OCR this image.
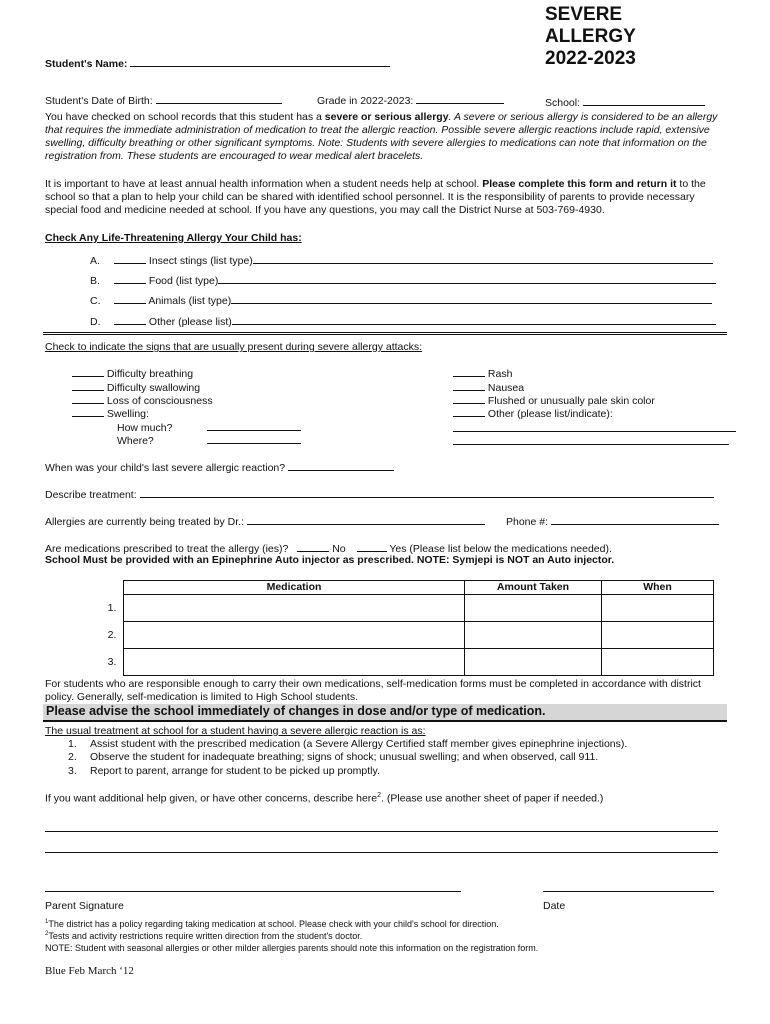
SEVERE
ALLERGY
2022-2023
Student's Name:
Student's Date of Birth:	Grade in 2022-2023:	School:
You have checked on school records that this student has a severe or serious allergy. A severe or serious allergy is considered to be an allergy that requires the immediate administration of medication to treat the allergic reaction. Possible severe allergic reactions include rapid, extensive swelling, difficulty breathing or other significant symptoms. Note: Students with severe allergies to medications can note that information on the registration from. These students are encouraged to wear medical alert bracelets.
It is important to have at least annual health information when a student needs help at school. Please complete this form and return it to the school so that a plan to help your child can be shared with identified school personnel. It is the responsibility of parents to provide necessary special food and medicine needed at school. If you have any questions, you may call the District Nurse at 503-769-4930.
Check Any Life-Threatening Allergy Your Child has:
A.	Insect stings (list type)
B.	Food (list type)
C.	Animals (list type)
D.	Other (please list)
Check to indicate the signs that are usually present during severe allergy attacks:
Difficulty breathing
Difficulty swallowing
Loss of consciousness
Swelling:
How much?
Where?
Rash
Nausea
Flushed or unusually pale skin color
Other (please list/indicate):
When was your child's last severe allergic reaction?
Describe treatment:
Allergies are currently being treated by Dr.:	Phone #:
Are medications prescribed to treat the allergy (ies)?	No	Yes (Please list below the medications needed).
School Must be provided with an Epinephrine Auto injector as prescribed. NOTE: Symjepi is NOT an Auto injector.
	Medication	Amount Taken	When
1.			
2.			
3.			
For students who are responsible enough to carry their own medications, self-medication forms must be completed in accordance with district policy. Generally, self-medication is limited to High School students.
Please advise the school immediately of changes in dose and/or type of medication.
The usual treatment at school for a student having a severe allergic reaction is as:
1. Assist student with the prescribed medication (a Severe Allergy Certified staff member gives epinephrine injections).
2. Observe the student for inadequate breathing; signs of shock; unusual swelling; and when observed, call 911.
3. Report to parent, arrange for student to be picked up promptly.
If you want additional help given, or have other concerns, describe here$^2$. (Please use another sheet of paper if needed.)
Parent Signature	Date
$^1$The district has a policy regarding taking medication at school. Please check with your child's school for direction.
$^2$Tests and activity restrictions require written direction from the student's doctor.
NOTE: Student with seasonal allergies or other milder allergies parents should note this information on the registration form.
Blue Feb March ‘12
